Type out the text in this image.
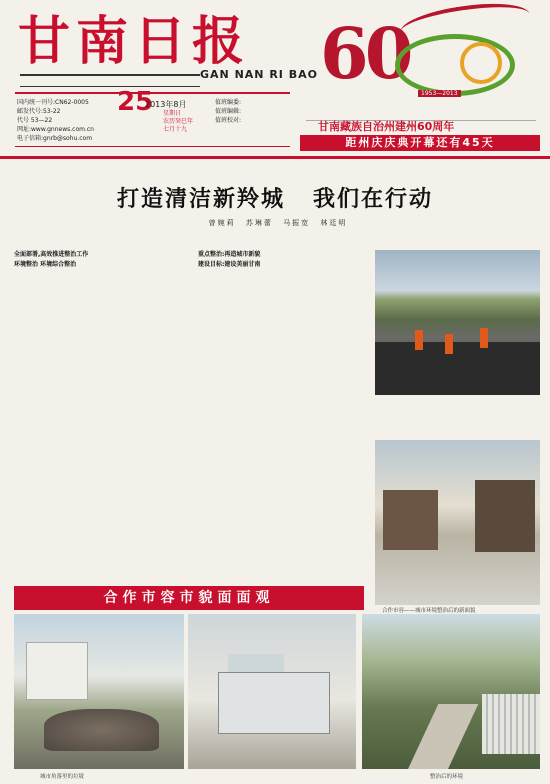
甘南日报
GAN NAN RI BAO
国内统一刊号:CN62-0005
邮发代号:53-22
代号 53—22
网址:www.gnnews.com.cn
电子信箱:gnrb@sohu.com
25
2013年8月
星期日
农历癸巳年
七月十九
值班编委:
值班编辑:
值班校对:
60	1953—2013
甘南藏族自治州建州60周年
距州庆庆典开幕还有45天
打造清洁新羚城 我们在行动
曾婉莉 苏琳蕾 马振宽 林廷明
全面部署,高效推进整治工作
环境整治 环境综合整治
重点整治:再造城市新貌
建设目标:建设美丽甘南
合作市容——城市环境整治后的新面貌
合作市容市貌面面观
城市角落里的垃圾	整治后的环境
